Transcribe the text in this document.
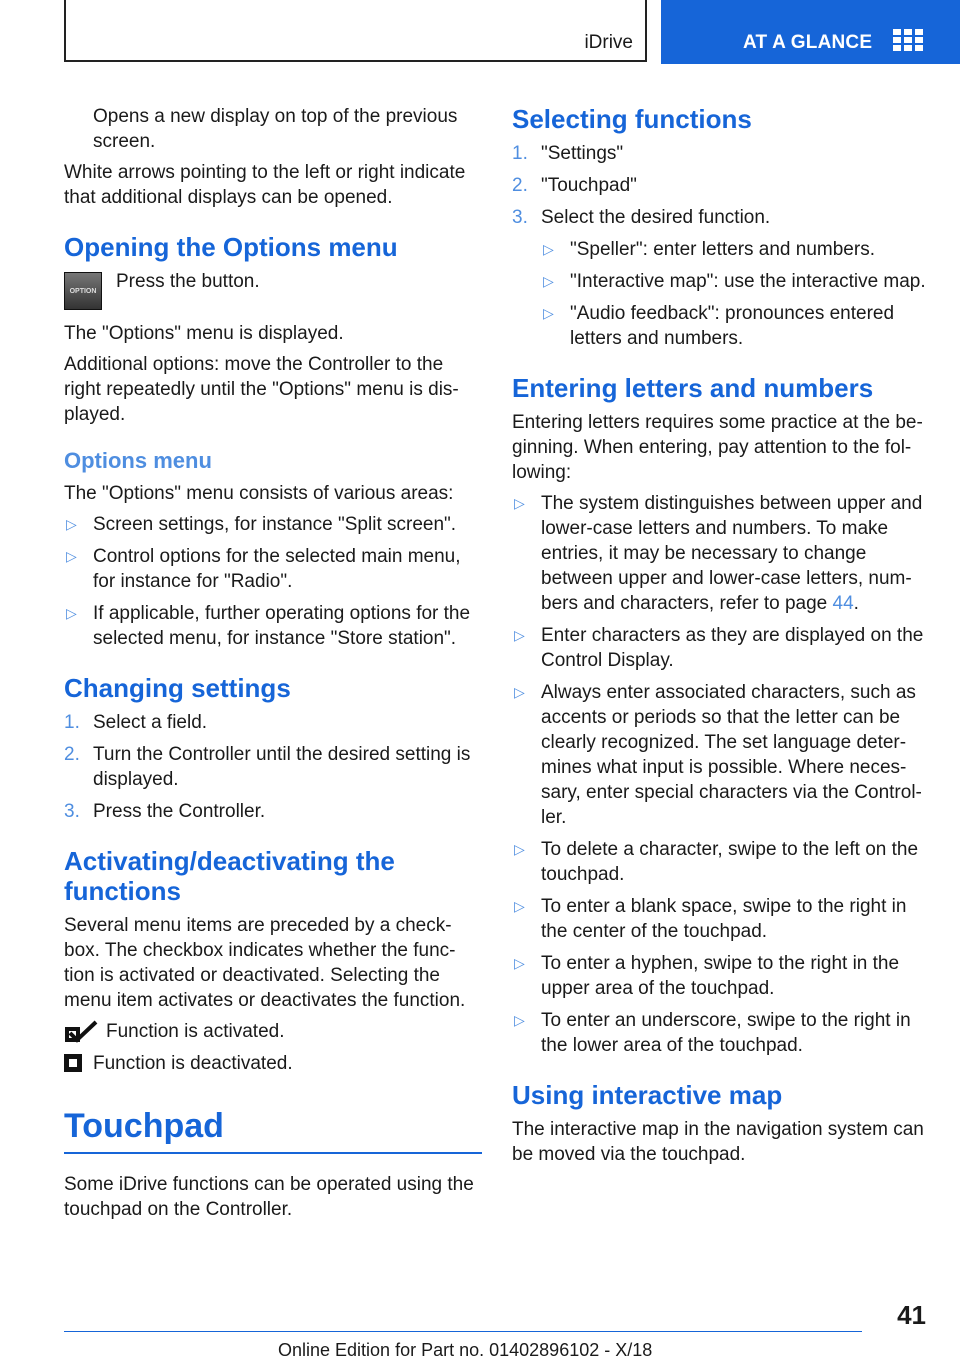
iDrive	AT A GLANCE

Opens a new display on top of the previous screen.

White arrows pointing to the left or right indicate that additional displays can be opened.

Opening the Options menu
OPTION Press the button.

The "Options" menu is displayed.

Additional options: move the Controller to the right repeatedly until the "Options" menu is dis‐played.

Options menu

The "Options" menu consists of various areas:

▷ Screen settings, for instance "Split screen".
▷ Control options for the selected main menu, for instance for "Radio".
▷ If applicable, further operating options for the selected menu, for instance "Store station".
Changing settings
1. Select a field.
2. Turn the Controller until the desired setting is displayed.
3. Press the Controller.
Activating/deactivating the functions

Several menu items are preceded by a check‐box. The checkbox indicates whether the func‐tion is activated or deactivated. Selecting the menu item activates or deactivates the function.

Function is activated.
Function is deactivated.
Touchpad

Some iDrive functions can be operated using the touchpad on the Controller.

Selecting functions
1. "Settings"
2. "Touchpad"
3. Select the desired function.
▷ "Speller": enter letters and numbers.
▷ "Interactive map": use the interactive map.
▷ "Audio feedback": pronounces entered letters and numbers.
Entering letters and numbers

Entering letters requires some practice at the be‐ginning. When entering, pay attention to the fol‐lowing:

▷ The system distinguishes between upper and lower-case letters and numbers. To make entries, it may be necessary to change between upper and lower-case letters, num‐bers and characters, refer to page 44.
▷ Enter characters as they are displayed on the Control Display.
▷ Always enter associated characters, such as accents or periods so that the letter can be clearly recognized. The set language deter‐mines what input is possible. Where neces‐sary, enter special characters via the Control‐ler.
▷ To delete a character, swipe to the left on the touchpad.
▷ To enter a blank space, swipe to the right in the center of the touchpad.
▷ To enter a hyphen, swipe to the right in the upper area of the touchpad.
▷ To enter an underscore, swipe to the right in the lower area of the touchpad.
Using interactive map

The interactive map in the navigation system can be moved via the touchpad.

41
Online Edition for Part no. 01402896102 - X/18
